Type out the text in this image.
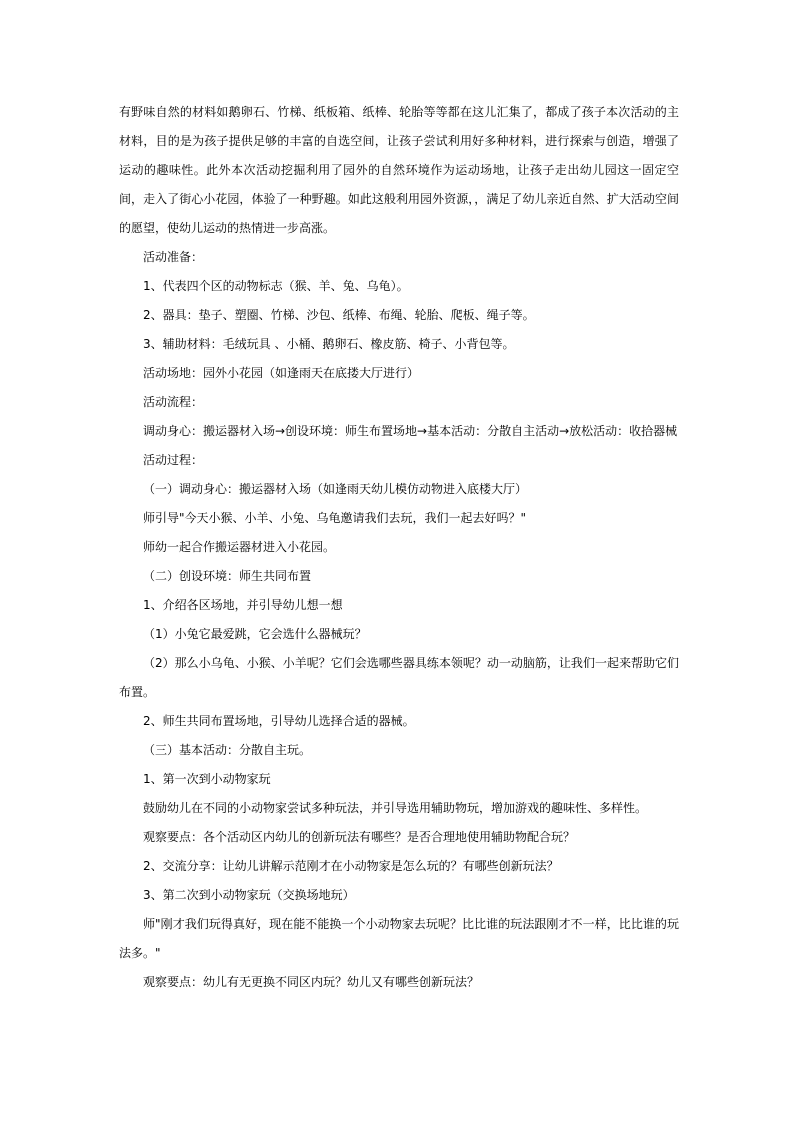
有野味自然的材料如鹅卵石、竹梯、纸板箱、纸棒、轮胎等等都在这儿汇集了，都成了孩子本次活动的主材料，目的是为孩子提供足够的丰富的自选空间，让孩子尝试利用好多种材料，进行探索与创造，增强了运动的趣味性。此外本次活动挖掘利用了园外的自然环境作为运动场地，让孩子走出幼儿园这一固定空间，走入了街心小花园，体验了一种野趣。如此这般利用园外资源，，满足了幼儿亲近自然、扩大活动空间的愿望，使幼儿运动的热情进一步高涨。

活动准备：

1、代表四个区的动物标志（猴、羊、兔、乌龟）。

2、器具：垫子、塑圈、竹梯、沙包、纸棒、布绳、轮胎、爬板、绳子等。

3、辅助材料：毛绒玩具 、小桶、鹅卵石、橡皮筋、椅子、小背包等。

活动场地：园外小花园（如逢雨天在底搂大厅进行）

活动流程：

调动身心：搬运器材入场→创设环境：师生布置场地→基本活动：分散自主活动→放松活动：收拾器械

活动过程：

（一）调动身心：搬运器材入场（如逢雨天幼儿模仿动物进入底楼大厅）

师引导"今天小猴、小羊、小兔、乌龟邀请我们去玩，我们一起去好吗？"

师幼一起合作搬运器材进入小花园。

（二）创设环境：师生共同布置

1、介绍各区场地，并引导幼儿想一想

（1）小兔它最爱跳，它会选什么器械玩？

（2）那么小乌龟、小猴、小羊呢？它们会选哪些器具练本领呢？动一动脑筋，让我们一起来帮助它们布置。

2、师生共同布置场地，引导幼儿选择合适的器械。

（三）基本活动：分散自主玩。

1、第一次到小动物家玩

鼓励幼儿在不同的小动物家尝试多种玩法，并引导选用辅助物玩，增加游戏的趣味性、多样性。

观察要点：各个活动区内幼儿的创新玩法有哪些？是否合理地使用辅助物配合玩？

2、交流分享：让幼儿讲解示范刚才在小动物家是怎么玩的？有哪些创新玩法？

3、第二次到小动物家玩（交换场地玩）

师"刚才我们玩得真好，现在能不能换一个小动物家去玩呢？比比谁的玩法跟刚才不一样，比比谁的玩法多。"

观察要点：幼儿有无更换不同区内玩？幼儿又有哪些创新玩法？
